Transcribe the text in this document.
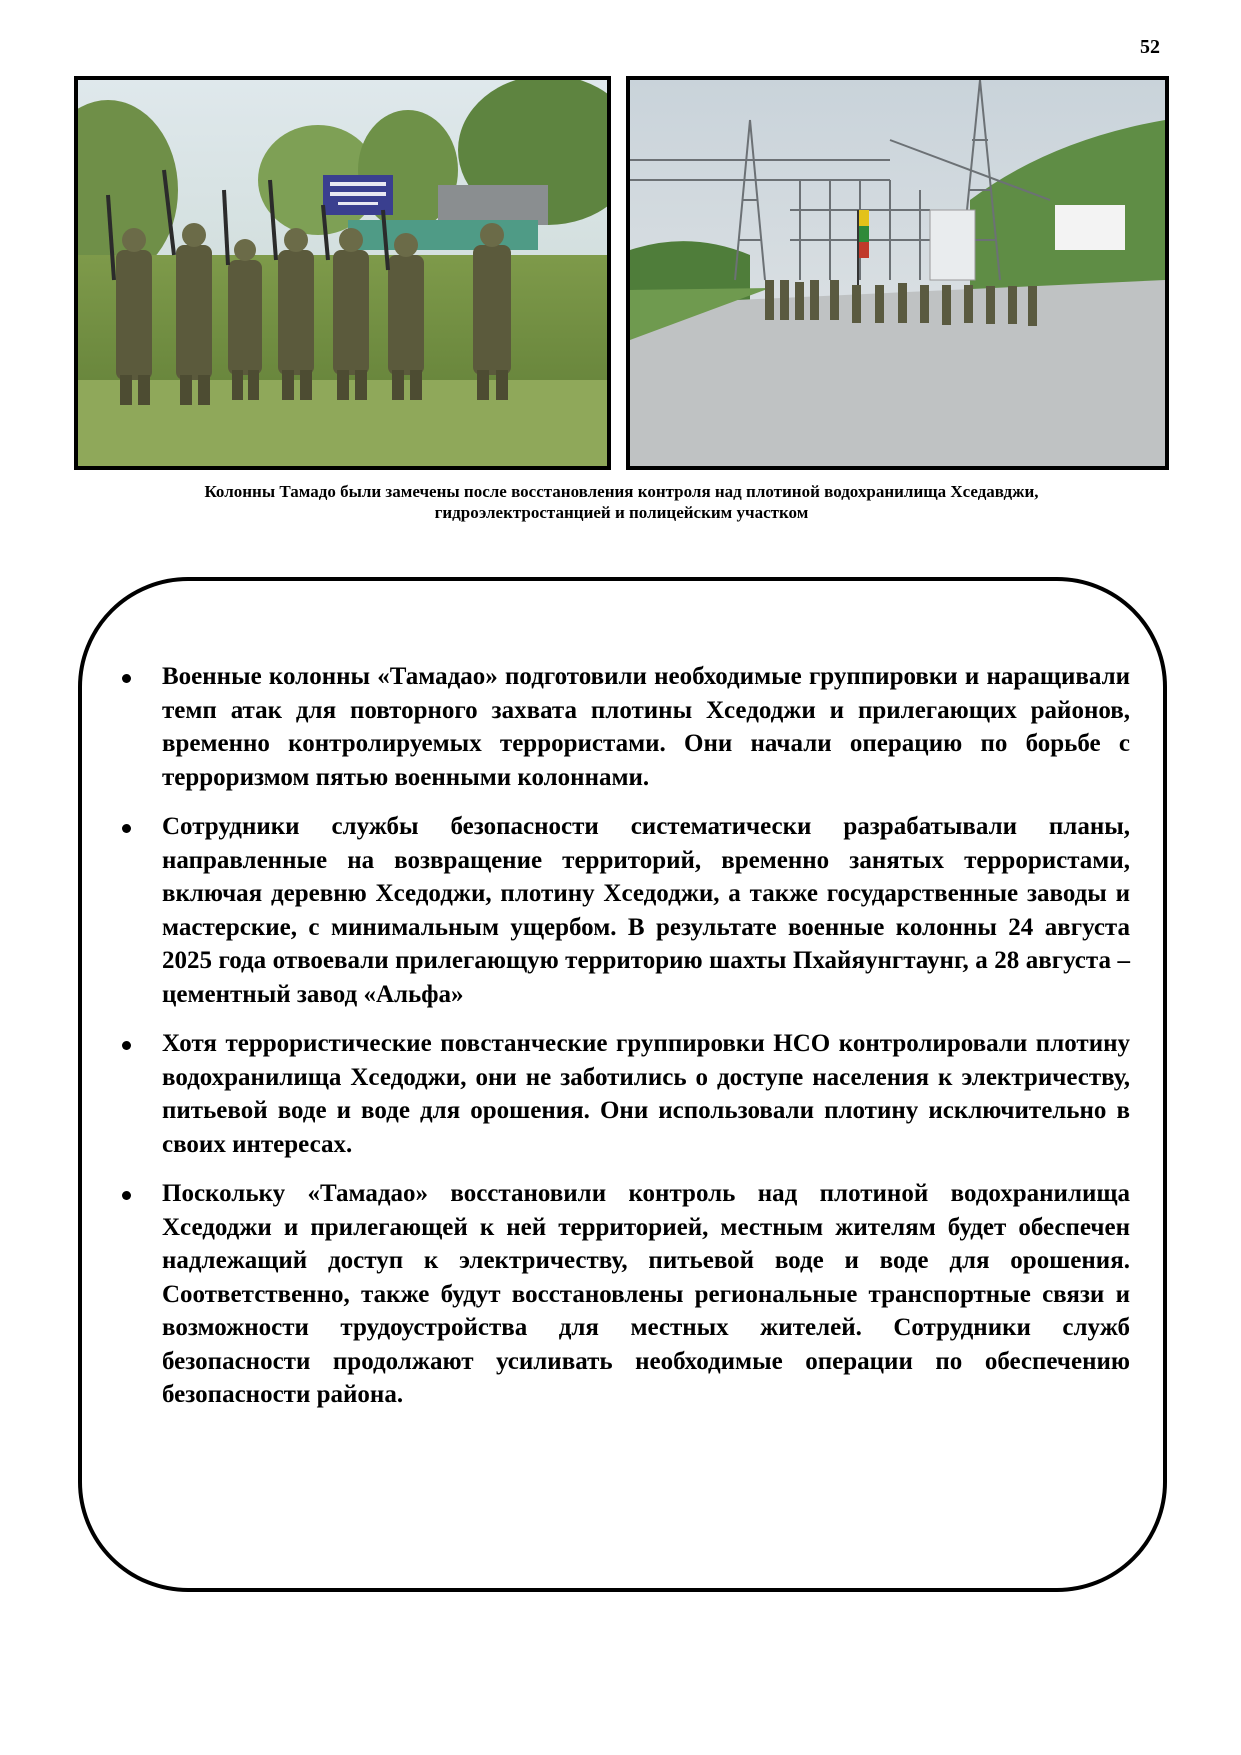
52
Колонны Тамадо были замечены после восстановления контроля над плотиной водохранилища Хседавджи,
гидроэлектростанцией и полицейским участком
Военные колонны «Тамадао» подготовили необходимые группировки и наращивали темп атак для повторного захвата плотины Хседоджи и прилегающих районов, временно контролируемых террористами. Они начали операцию по борьбе с терроризмом пятью военными колоннами.
Сотрудники службы безопасности систематически разрабатывали планы, направленные на возвращение территорий, временно занятых террористами, включая деревню Хседоджи, плотину Хседоджи, а также государственные заводы и мастерские, с минимальным ущербом. В результате военные колонны 24 августа 2025 года отвоевали прилегающую территорию шахты Пхайяунгтаунг, а 28 августа – цементный завод «Альфа»
Хотя террористические повстанческие группировки НСО контролировали плотину водохранилища Хседоджи, они не заботились о доступе населения к электричеству, питьевой воде и воде для орошения. Они использовали плотину исключительно в своих интересах.
Поскольку «Тамадао» восстановили контроль над плотиной водохранилища Хседоджи и прилегающей к ней территорией, местным жителям будет обеспечен надлежащий доступ к электричеству, питьевой воде и воде для орошения. Соответственно, также будут восстановлены региональные транспортные связи и возможности трудоустройства для местных жителей. Сотрудники служб безопасности продолжают усиливать необходимые операции по обеспечению безопасности района.
